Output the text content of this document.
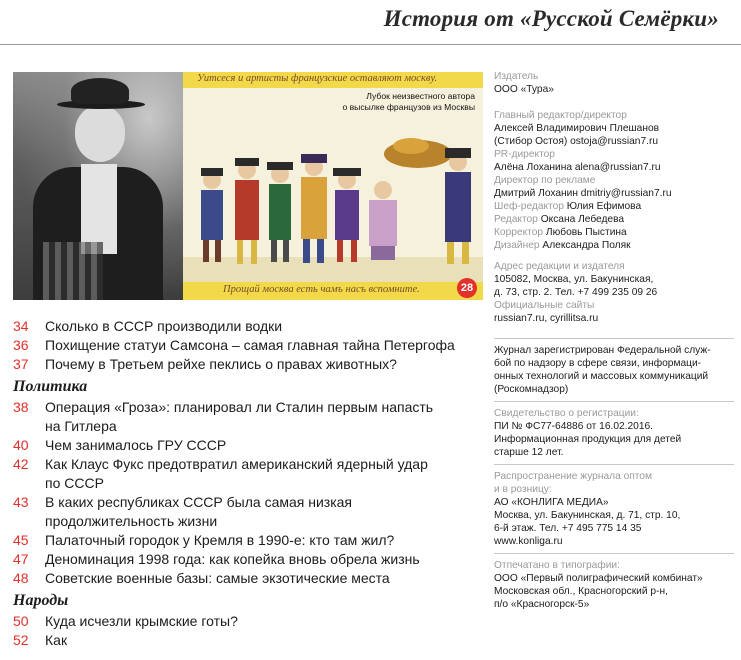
История от «Русской Семёрки»
Уитсеся и артисты французские оставляют москву.
Лубок неизвестного автора
о высылке французов из Москвы
Прощай москва есть чамъ насъ вспомните.	28
34	Сколько в СССР производили водки
36	Похищение статуи Самсона – самая главная тайна Петергофа
37	Почему в Третьем рейхе пеклись о правах животных?
Политика
38	Операция «Гроза»: планировал ли Сталин первым напасть
на Гитлера
40	Чем занималось ГРУ СССР
42	Как Клаус Фукс предотвратил американский ядерный удар
по СССР
43	В каких республиках СССР была самая низкая
продолжительность жизни
45	Палаточный городок у Кремля в 1990-е: кто там жил?
47	Деноминация 1998 года: как копейка вновь обрела жизнь
48	Советские военные базы: самые экзотические места
Народы
50	Куда исчезли крымские готы?
52	Как
Издатель
ООО «Тура»
Главный редактор/директор
Алексей Владимирович Плешанов
(Стибор Остоя) ostoja@russian7.ru
PR-директор
Алёна Лоханина alena@russian7.ru
Директор по рекламе
Дмитрий Лоханин dmitriy@russian7.ru
Шеф-редактор Юлия Ефимова
Редактор Оксана Лебедева
Корректор Любовь Пыстина
Дизайнер Александра Поляк
Адрес редакции и издателя
105082, Москва, ул. Бакунинская,
д. 73, стр. 2. Тел. +7 499 235 09 26
Официальные сайты
russian7.ru, cyrillitsa.ru
Журнал зарегистрирован Федеральной служ-
бой по надзору в сфере связи, информаци-
онных технологий и массовых коммуникаций
(Роскомнадзор)
Свидетельство о регистрации:
ПИ № ФС77-64886 от 16.02.2016.
Информационная продукция для детей
старше 12 лет.
Распространение журнала оптом
и в розницу:
АО «КОНЛИГА МЕДИА»
Москва, ул. Бакунинская, д. 71, стр. 10,
6-й этаж. Тел. +7 495 775 14 35
www.konliga.ru
Отпечатано в типографии:
ООО «Первый полиграфический комбинат»
Московская обл., Красногорский р-н,
п/о «Красногорск-5»
